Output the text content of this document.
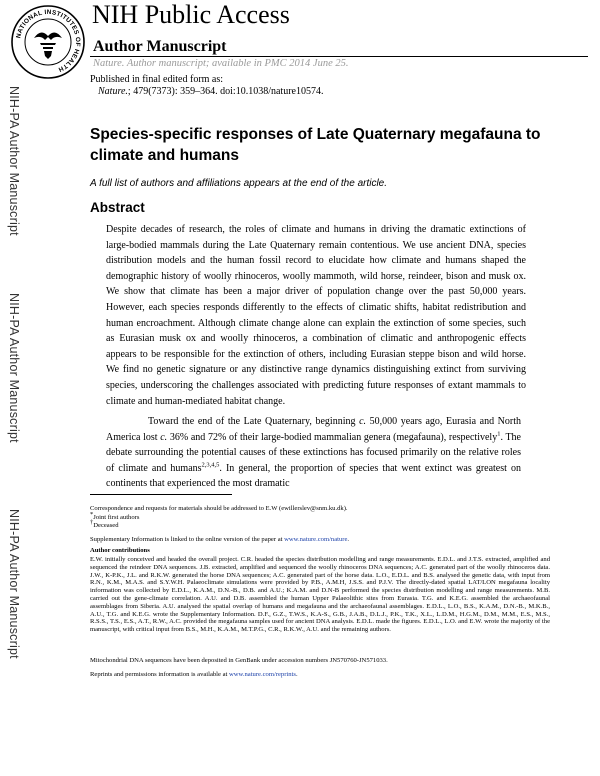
NATIONAL INSTITUTES OF HEALTH
NIH Public Access
Author Manuscript
Nature. Author manuscript; available in PMC 2014 June 25.
Published in final edited form as:
Nature.; 479(7373): 359–364. doi:10.1038/nature10574.
NIH-PA Author Manuscript
NIH-PA Author Manuscript
NIH-PA Author Manuscript
Species-specific responses of Late Quaternary megafauna to climate and humans
A full list of authors and affiliations appears at the end of the article.
Abstract
Despite decades of research, the roles of climate and humans in driving the dramatic extinctions of large-bodied mammals during the Late Quaternary remain contentious. We use ancient DNA, species distribution models and the human fossil record to elucidate how climate and humans shaped the demographic history of woolly rhinoceros, woolly mammoth, wild horse, reindeer, bison and musk ox. We show that climate has been a major driver of population change over the past 50,000 years. However, each species responds differently to the effects of climatic shifts, habitat redistribution and human encroachment. Although climate change alone can explain the extinction of some species, such as Eurasian musk ox and woolly rhinoceros, a combination of climatic and anthropogenic effects appears to be responsible for the extinction of others, including Eurasian steppe bison and wild horse. We find no genetic signature or any distinctive range dynamics distinguishing extinct from surviving species, underscoring the challenges associated with predicting future responses of extant mammals to climate and human-mediated habitat change.
Toward the end of the Late Quaternary, beginning c. 50,000 years ago, Eurasia and North America lost c. 36% and 72% of their large-bodied mammalian genera (megafauna), respectively$^1$. The debate surrounding the potential causes of these extinctions has focused primarily on the relative roles of climate and humans$^{2,3,4,5}$. In general, the proportion of species that went extinct was greatest on continents that experienced the most dramatic
Correspondence and requests for materials should be addressed to E.W (ewillerslev@snm.ku.dk).
*Joint first authors
†Deceased
Supplementary Information is linked to the online version of the paper at www.nature.com/nature.
Author contributions
E.W. initially conceived and headed the overall project. C.R. headed the species distribution modelling and range measurements. E.D.L. and J.T.S. extracted, amplified and sequenced the reindeer DNA sequences. J.B. extracted, amplified and sequenced the woolly rhinoceros DNA sequences; A.C. generated part of the woolly rhinoceros data. J.W., K-P.K., J.L. and R.K.W. generated the horse DNA sequences; A.C. generated part of the horse data. L.O., E.D.L. and B.S. analysed the genetic data, with input from R.N., K.M., M.A.S. and S.Y.W.H. Palaeoclimate simulations were provided by P.B., A.M.H, J.S.S. and P.J.V. The directly-dated spatial LAT/LON megafauna locality information was collected by E.D.L., K.A.M., D.N.-B., D.B. and A.U.; K.A.M. and D.N-B performed the species distribution modelling and range measurements. M.B. carried out the gene-climate correlation. A.U. and D.B. assembled the human Upper Palaeolithic sites from Eurasia. T.G. and K.E.G. assembled the archaeofaunal assemblages from Siberia. A.U. analysed the spatial overlap of humans and megafauna and the archaeofaunal assemblages. E.D.L., L.O., B.S., K.A.M., D.N.-B., M.K.B., A.U., T.G. and K.E.G. wrote the Supplementary Information. D.F., G.Z., T.W.S., K.A-S., G.B., J.A.B., D.L.J., P.K., T.K., X.L., L.D.M., H.G.M., D.M., M.M., E.S., M.S., R.S.S., T.S., E.S., A.T., R.W., A.C. provided the megafauna samples used for ancient DNA analysis. E.D.L. made the figures. E.D.L., L.O. and E.W. wrote the majority of the manuscript, with critical input from B.S., M.H., K.A.M., M.T.P.G., C.R., R.K.W., A.U. and the remaining authors.
Mitochondrial DNA sequences have been deposited in GenBank under accession numbers JN570760-JN571033.
Reprints and permissions information is available at www.nature.com/reprints.
